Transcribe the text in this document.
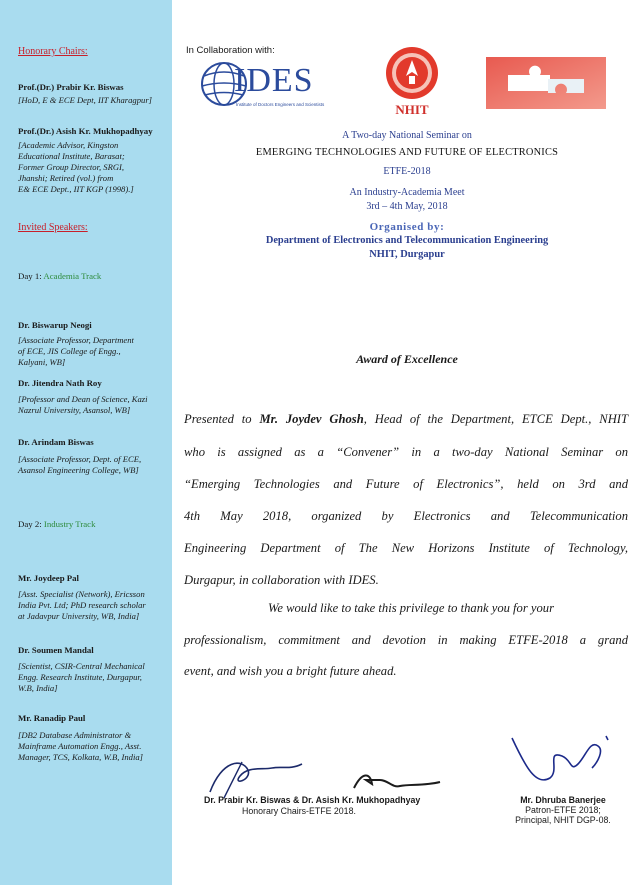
Honorary Chairs:
Prof.(Dr.) Prabir Kr. Biswas
[HoD, E & ECE Dept, IIT Kharagpur]
Prof.(Dr.) Asish Kr. Mukhopadhyay
[Academic Advisor, Kingston
Educational Institute, Barasat;
Former Group Director, SRGI,
Jhanshi; Retired (vol.) from
E& ECE Dept., IIT KGP (1998).]
Invited Speakers:
Day 1: Academia Track
Dr. Biswarup Neogi
[Associate Professor, Department
of ECE, JIS College of Engg.,
Kalyani, WB]
Dr. Jitendra Nath Roy
[Professor and Dean of Science, Kazi
Nazrul University, Asansol, WB]
Dr. Arindam Biswas
[Associate Professor, Dept. of ECE,
Asansol Engineering College, WB]
Day 2: Industry Track
Mr. Joydeep Pal
[Asst. Specialist (Network), Ericsson
India Pvt. Ltd; PhD research scholar
at Jadavpur University, WB, India]
Dr. Soumen Mandal
[Scientist, CSIR-Central Mechanical
Engg. Research Institute, Durgapur,
W.B, India]
Mr. Ranadip Paul
[DB2 Database Administrator &
Mainframe Automation Engg., Asst.
Manager, TCS, Kolkata, W.B, India]
In Collaboration with:
IDES
Institute of Doctors Engineers and Scientists	NHIT
A Two-day National Seminar on
EMERGING TECHNOLOGIES AND FUTURE OF ELECTRONICS
ETFE-2018
An Industry-Academia Meet
3rd – 4th May, 2018
Organised by:
Department of Electronics and Telecommunication Engineering
NHIT, Durgapur
Award of Excellence
Presented to Mr. Joydev Ghosh, Head of the Department, ETCE Dept., NHIT
who is assigned as a “Convener” in a two-day National Seminar on
“Emerging Technologies and Future of Electronics”, held on 3rd and
4th May 2018, organized by Electronics and Telecommunication
Engineering Department of The New Horizons Institute of Technology,
Durgapur, in collaboration with IDES.
We would like to take this privilege to thank you for your
professionalism, commitment and devotion in making ETFE-2018 a grand
event, and wish you a bright future ahead.
Dr. Prabir Kr. Biswas & Dr. Asish Kr. Mukhopadhyay
Honorary Chairs-ETFE 2018.
Mr. Dhruba Banerjee
Patron-ETFE 2018;
Principal, NHIT DGP-08.
